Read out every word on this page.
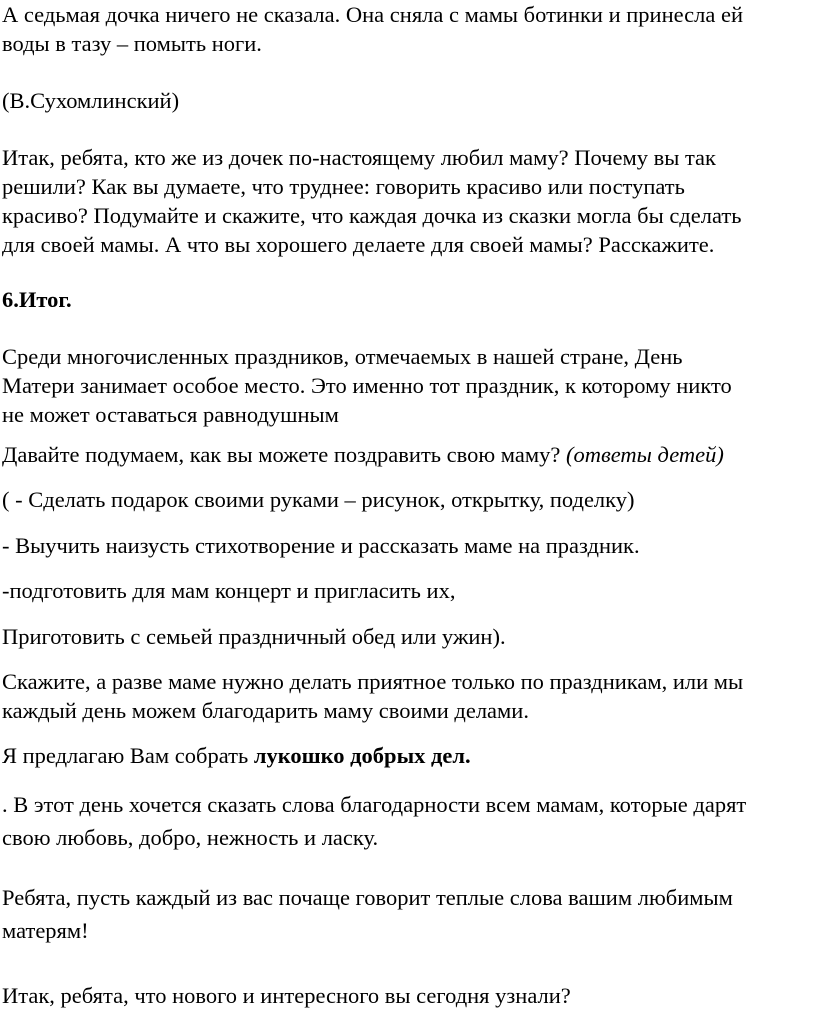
А седьмая дочка ничего не сказала. Она сняла с мамы ботинки и принесла ей
воды в тазу – помыть ноги.

(В.Сухомлинский)

Итак, ребята, кто же из дочек по-настоящему любил маму? Почему вы так
решили? Как вы думаете, что труднее: говорить красиво или поступать
красиво? Подумайте и скажите, что каждая дочка из сказки могла бы сделать
для своей мамы. А что вы хорошего делаете для своей мамы? Расскажите.

6.Итог.

Среди многочисленных праздников, отмечаемых в нашей стране, День
Матери занимает особое место. Это именно тот праздник, к которому никто
не может оставаться равнодушным

Давайте подумаем, как вы можете поздравить свою маму? (ответы детей)

( - Сделать подарок своими руками – рисунок, открытку, поделку)

- Выучить наизусть стихотворение и рассказать маме на праздник.

-подготовить для мам концерт и пригласить их,

Приготовить с семьей праздничный обед или ужин).

Скажите, а разве маме нужно делать приятное только по праздникам, или мы
каждый день можем благодарить маму своими делами.

Я предлагаю Вам собрать лукошко добрых дел.

. В этот день хочется сказать слова благодарности всем мамам, которые дарят
свою любовь, добро, нежность и ласку.

Ребята, пусть каждый из вас почаще говорит теплые слова вашим любимым
матерям!

Итак, ребята, что нового и интересного вы сегодня узнали?
